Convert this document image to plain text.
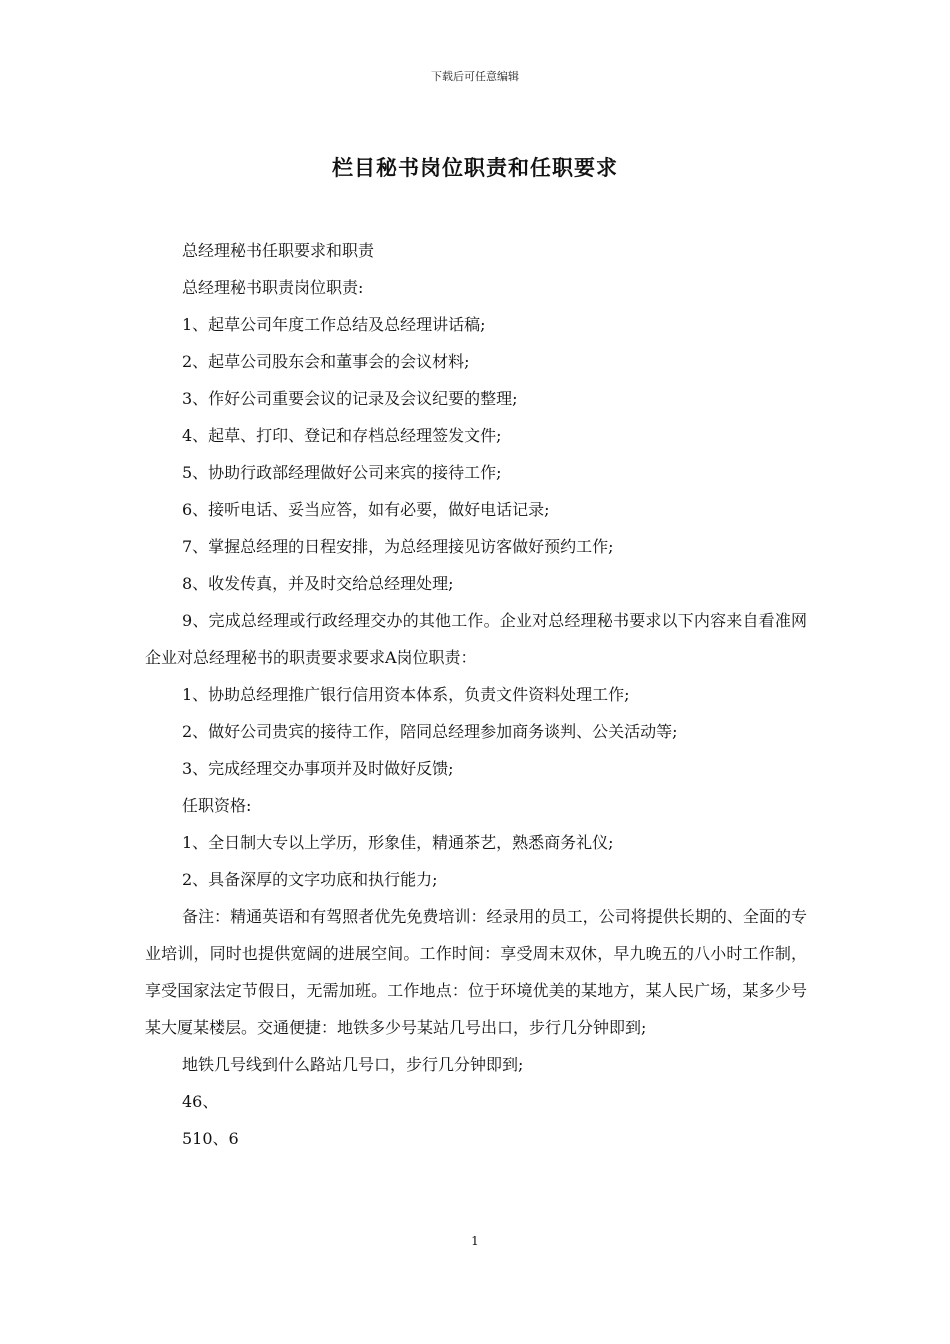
下载后可任意编辑
栏目秘书岗位职责和任职要求

总经理秘书任职要求和职责

总经理秘书职责岗位职责:

1、起草公司年度工作总结及总经理讲话稿;

2、起草公司股东会和董事会的会议材料;

3、作好公司重要会议的记录及会议纪要的整理;

4、起草、打印、登记和存档总经理签发文件;

5、协助行政部经理做好公司来宾的接待工作;

6、接听电话、妥当应答，如有必要，做好电话记录;

7、掌握总经理的日程安排，为总经理接见访客做好预约工作;

8、收发传真，并及时交给总经理处理;

9、完成总经理或行政经理交办的其他工作。企业对总经理秘书要求以下内容来自看准网企业对总经理秘书的职责要求要求A岗位职责：

1、协助总经理推广银行信用资本体系，负责文件资料处理工作;

2、做好公司贵宾的接待工作，陪同总经理参加商务谈判、公关活动等;

3、完成经理交办事项并及时做好反馈;

任职资格:

1、全日制大专以上学历，形象佳，精通茶艺，熟悉商务礼仪;

2、具备深厚的文字功底和执行能力;

备注：精通英语和有驾照者优先免费培训：经录用的员工，公司将提供长期的、全面的专业培训，同时也提供宽阔的进展空间。工作时间：享受周末双休，早九晚五的八小时工作制，享受国家法定节假日，无需加班。工作地点：位于环境优美的某地方，某人民广场，某多少号某大厦某楼层。交通便捷：地铁多少号某站几号出口，步行几分钟即到;

地铁几号线到什么路站几号口，步行几分钟即到;

46、

510、6

1
